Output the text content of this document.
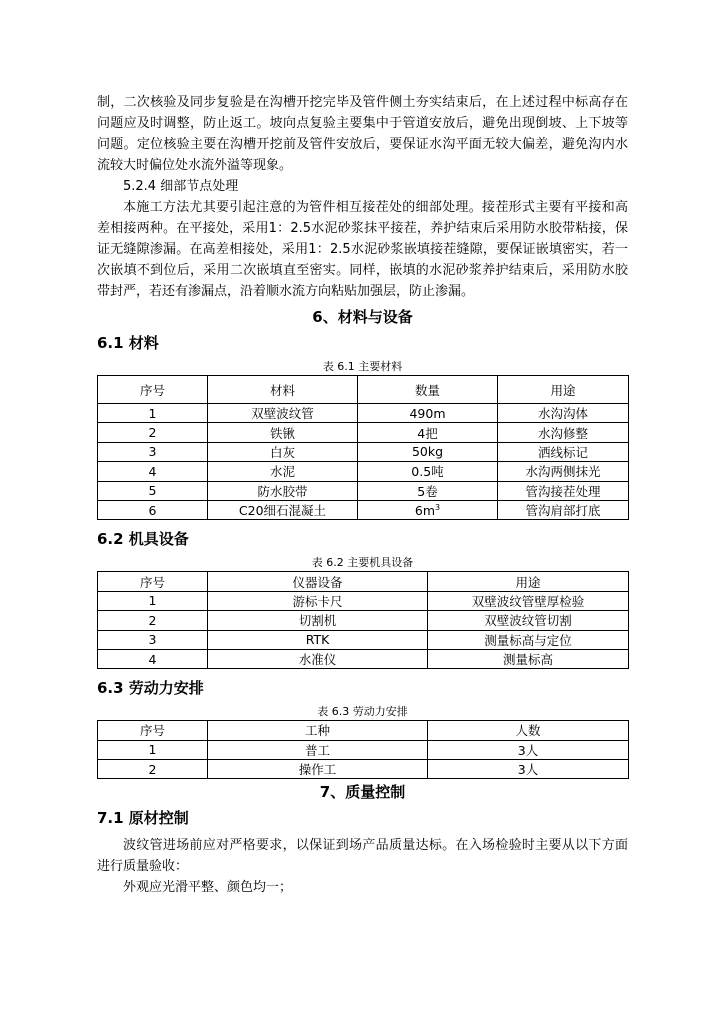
制，二次核验及同步复验是在沟槽开挖完毕及管件侧土夯实结束后，在上述过程中标高存在问题应及时调整，防止返工。坡向点复验主要集中于管道安放后，避免出现倒坡、上下坡等问题。定位核验主要在沟槽开挖前及管件安放后，要保证水沟平面无较大偏差，避免沟内水流较大时偏位处水流外溢等现象。

5.2.4 细部节点处理

本施工方法尤其要引起注意的为管件相互接茬处的细部处理。接茬形式主要有平接和高差相接两种。在平接处，采用1：2.5水泥砂浆抹平接茬，养护结束后采用防水胶带粘接，保证无缝隙渗漏。在高差相接处，采用1：2.5水泥砂浆嵌填接茬缝隙，要保证嵌填密实，若一次嵌填不到位后，采用二次嵌填直至密实。同样，嵌填的水泥砂浆养护结束后，采用防水胶带封严，若还有渗漏点，沿着顺水流方向粘贴加强层，防止渗漏。

6、材料与设备
6.1 材料
表 6.1 主要材料
序号	材料	数量	用途
1	双壁波纹管	490m	水沟沟体
2	铁锹	4把	水沟修整
3	白灰	50kg	洒线标记
4	水泥	0.5吨	水沟两侧抹光
5	防水胶带	5卷	管沟接茬处理
6	C20细石混凝土	$6m^3$	管沟肩部打底
6.2 机具设备
表 6.2 主要机具设备
序号	仪器设备	用途
1	游标卡尺	双壁波纹管壁厚检验
2	切割机	双壁波纹管切割
3	RTK	测量标高与定位
4	水准仪	测量标高
6.3 劳动力安排
表 6.3 劳动力安排
序号	工种	人数
1	普工	3人
2	操作工	3人
7、质量控制
7.1 原材控制

波纹管进场前应对严格要求，以保证到场产品质量达标。在入场检验时主要从以下方面进行质量验收：

外观应光滑平整、颜色均一；
